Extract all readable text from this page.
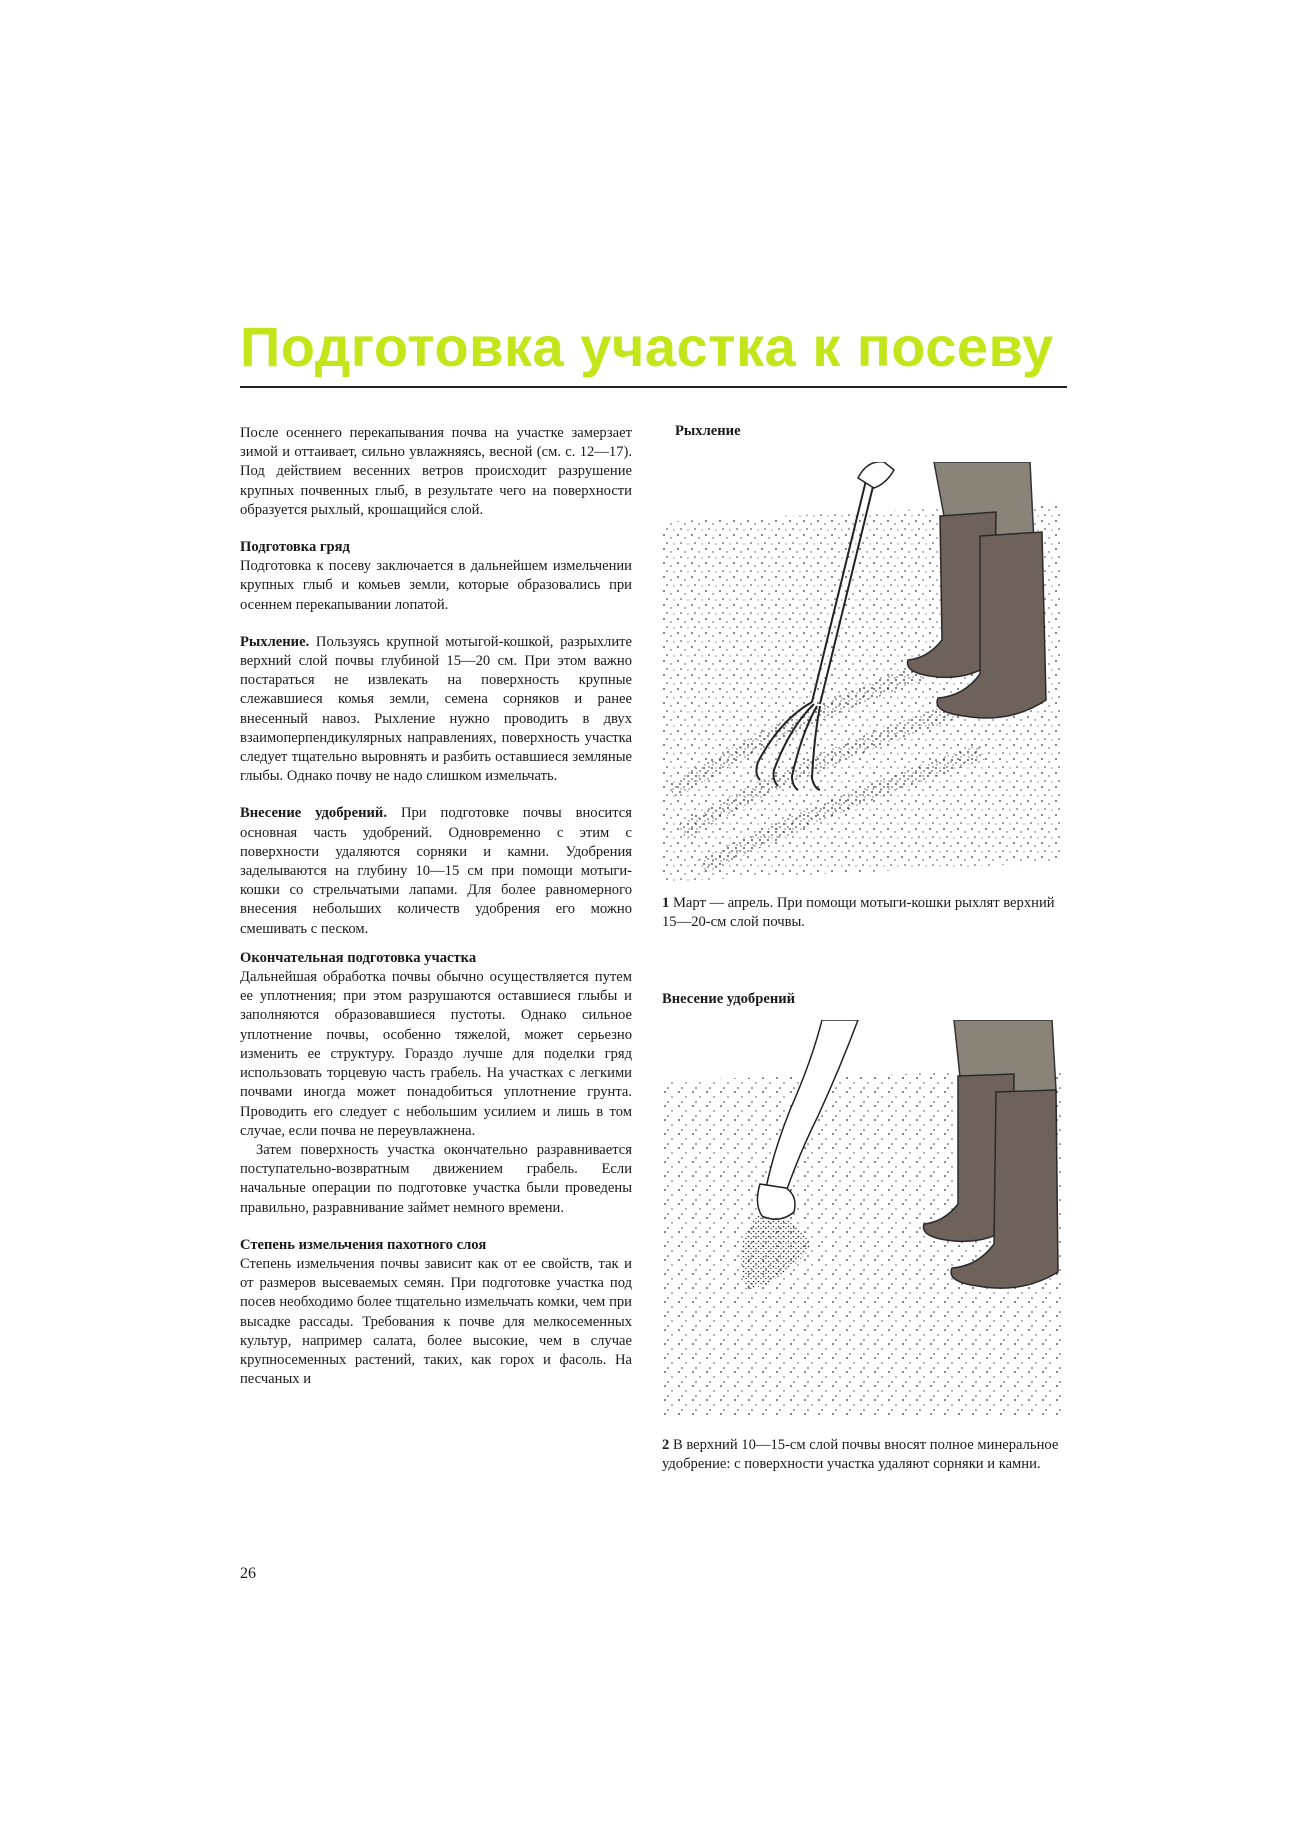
Подготовка участка к посеву

После осеннего перекапывания почва на участке замерзает зимой и оттаивает, сильно увлажняясь, весной (см. с. 12—17). Под действием весенних ветров происходит разрушение крупных почвенных глыб, в результате чего на поверхности образуется рыхлый, крошащийся слой.

Подготовка гряд

Подготовка к посеву заключается в дальнейшем измельчении крупных глыб и комьев земли, которые образовались при осеннем перекапывании лопатой.

Рыхление. Пользуясь крупной мотыгой-кошкой, разрыхлите верхний слой почвы глубиной 15—20 см. При этом важно постараться не извлекать на поверхность крупные слежавшиеся комья земли, семена сорняков и ранее внесенный навоз. Рыхление нужно проводить в двух взаимоперпендикулярных направлениях, поверхность участка следует тщательно выровнять и разбить оставшиеся земляные глыбы. Однако почву не надо слишком измельчать.

Внесение удобрений. При подготовке почвы вносится основная часть удобрений. Одновременно с этим с поверхности удаляются сорняки и камни. Удобрения заделываются на глубину 10—15 см при помощи мотыги-кошки со стрельчатыми лапами. Для более равномерного внесения небольших количеств удобрения его можно смешивать с песком.

Окончательная подготовка участка

Дальнейшая обработка почвы обычно осуществляется путем ее уплотнения; при этом разрушаются оставшиеся глыбы и заполняются образовавшиеся пустоты. Однако сильное уплотнение почвы, особенно тяжелой, может серьезно изменить ее структуру. Гораздо лучше для поделки гряд использовать торцевую часть грабель. На участках с легкими почвами иногда может понадобиться уплотнение грунта. Проводить его следует с небольшим усилием и лишь в том случае, если почва не переувлажнена.

Затем поверхность участка окончательно разравнивается поступательно-возвратным движением грабель. Если начальные операции по подготовке участка были проведены правильно, разравнивание займет немного времени.

Степень измельчения пахотного слоя

Степень измельчения почвы зависит как от ее свойств, так и от размеров высеваемых семян. При подготовке участка под посев необходимо более тщательно измельчать комки, чем при высадке рассады. Требования к почве для мелкосеменных культур, например салата, более высокие, чем в случае крупносеменных растений, таких, как горох и фасоль. На песчаных и

26
Рыхление
1 Март — апрель. При помощи мотыги-кошки рыхлят верхний 15—20-см слой почвы.
Внесение удобрений
2 В верхний 10—15-см слой почвы вносят полное минеральное удобрение: с поверхности участка удаляют сорняки и камни.
